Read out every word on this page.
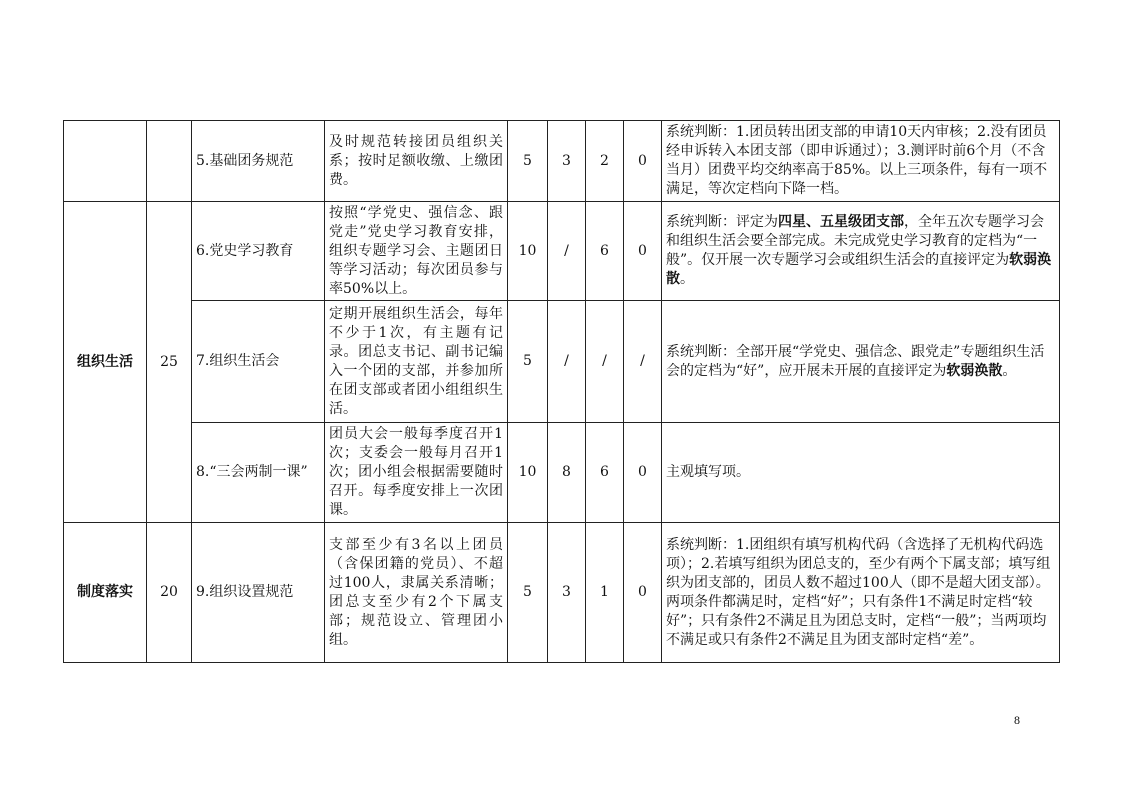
		5.基础团务规范	及时规范转接团员组织关系；按时足额收缴、上缴团费。	5	3	2	0	系统判断：1.团员转出团支部的申请10天内审核；2.没有团员经申诉转入本团支部（即申诉通过）；3.测评时前6个月（不含当月）团费平均交纳率高于85%。以上三项条件，每有一项不满足，等次定档向下降一档。
组织生活	25	6.党史学习教育	按照“学党史、强信念、跟党走”党史学习教育安排，组织专题学习会、主题团日等学习活动；每次团员参与率50%以上。	10	/	6	0	系统判断：评定为四星、五星级团支部，全年五次专题学习会和组织生活会要全部完成。未完成党史学习教育的定档为“一般”。仅开展一次专题学习会或组织生活会的直接评定为软弱涣散。
		7.组织生活会	定期开展组织生活会，每年不少于1次，有主题有记录。团总支书记、副书记编入一个团的支部，并参加所在团支部或者团小组组织生活。	5	/	/	/	系统判断：全部开展“学党史、强信念、跟党走”专题组织生活会的定档为“好”，应开展未开展的直接评定为软弱涣散。
		8.“三会两制一课”	团员大会一般每季度召开1次；支委会一般每月召开1次；团小组会根据需要随时召开。每季度安排上一次团课。	10	8	6	0	主观填写项。
制度落实	20	9.组织设置规范	支部至少有3名以上团员（含保团籍的党员）、不超过100人，隶属关系清晰；团总支至少有2个下属支部；规范设立、管理团小组。	5	3	1	0	系统判断：1.团组织有填写机构代码（含选择了无机构代码选项）；2.若填写组织为团总支的，至少有两个下属支部；填写组织为团支部的，团员人数不超过100人（即不是超大团支部）。两项条件都满足时，定档“好”；只有条件1不满足时定档“较好”；只有条件2不满足且为团总支时，定档“一般”；当两项均不满足或只有条件2不满足且为团支部时定档“差”。
8
